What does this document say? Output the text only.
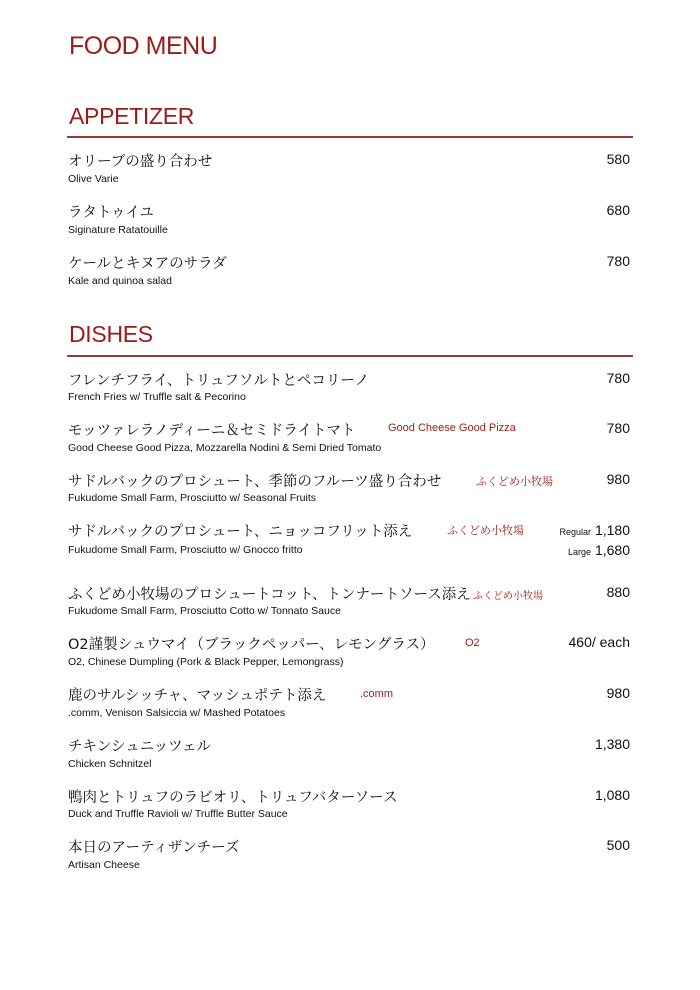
FOOD MENU
APPETIZER
オリーブの盛り合わせ
Olive Varie
580
ラタトゥイユ
Siginature Ratatouille
680
ケールとキヌアのサラダ
Kale and quinoa salad
780
DISHES
フレンチフライ、トリュフソルトとペコリーノ
French Fries w/ Truffle salt & Pecorino
780
モッツァレラノディーニ＆セミドライトマト	Good Cheese Good Pizza
Good Cheese Good Pizza, Mozzarella Nodini & Semi Dried Tomato
780
サドルバックのプロシュート、季節のフルーツ盛り合わせ	ふくどめ小牧場
Fukudome Small Farm, Prosciutto w/ Seasonal Fruits
980
サドルバックのプロシュート、ニョッコフリット添え	ふくどめ小牧場
Fukudome Small Farm, Prosciutto w/ Gnocco fritto
Regular 1,180
Large 1,680
ふくどめ小牧場のプロシュートコット、トンナートソース添え ふくどめ小牧場
Fukudome Small Farm, Prosciutto Cotto w/ Tonnato Sauce
880
O2謹製シュウマイ（ブラックペッパー、レモングラス）	O2
O2, Chinese Dumpling (Pork & Black Pepper, Lemongrass)
460/ each
鹿のサルシッチャ、マッシュポテト添え	.comm
.comm, Venison Salsiccia w/ Mashed Potatoes
980
チキンシュニッツェル
Chicken Schnitzel
1,380
鴨肉とトリュフのラビオリ、トリュフバターソース
Duck and Truffle Ravioli w/ Truffle Butter Sauce
1,080
本日のアーティザンチーズ
Artisan Cheese
500
